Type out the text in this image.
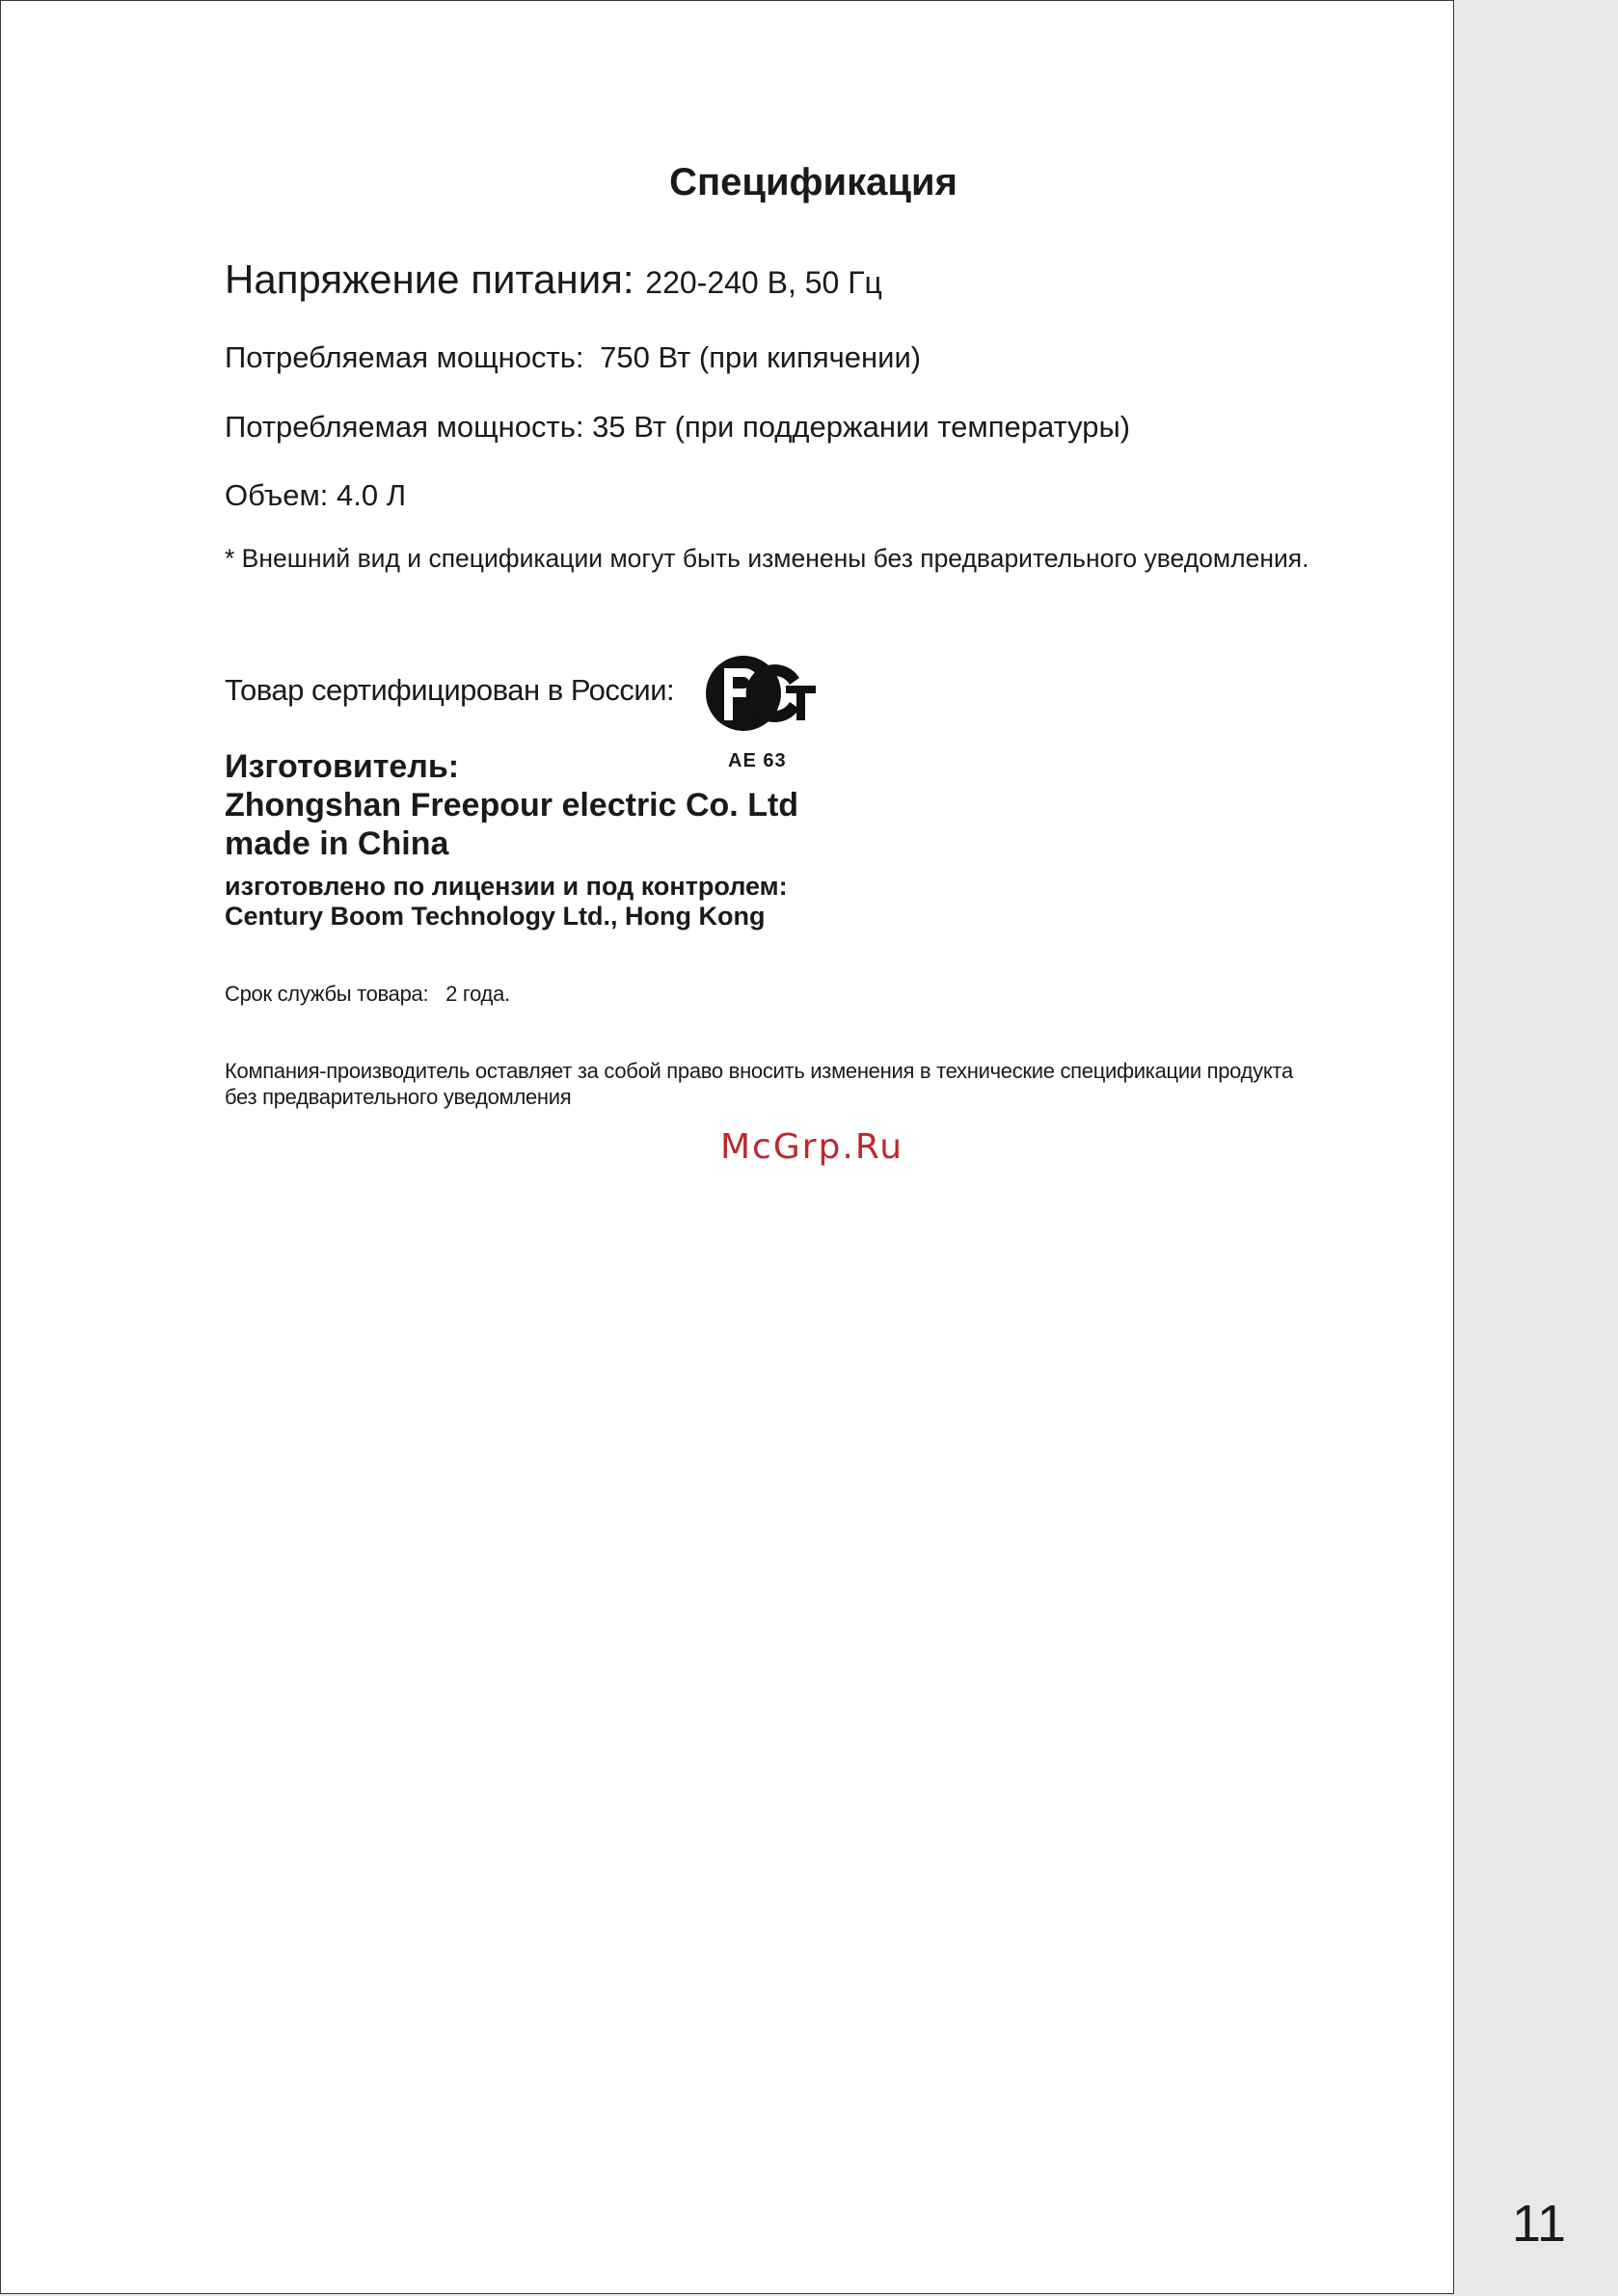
Спецификация
Напряжение питания: 220-240 В, 50 Гц
Потребляемая мощность: 750 Вт (при кипячении)
Потребляемая мощность: 35 Вт (при поддержании температуры)
Объем: 4.0 Л
* Внешний вид и спецификации могут быть изменены без предварительного уведомления.
Товар сертифицирован в России:
АЕ 63
Изготовитель:
Zhongshan Freepour electric Co. Ltd
made in China
изготовлено по лицензии и под контролем:
Century Boom Technology Ltd., Hong Kong
Срок службы товара: 2 года.
Компания-производитель оставляет за собой право вносить изменения в технические спецификации продукта
без предварительного уведомления
McGrp.Ru
11
